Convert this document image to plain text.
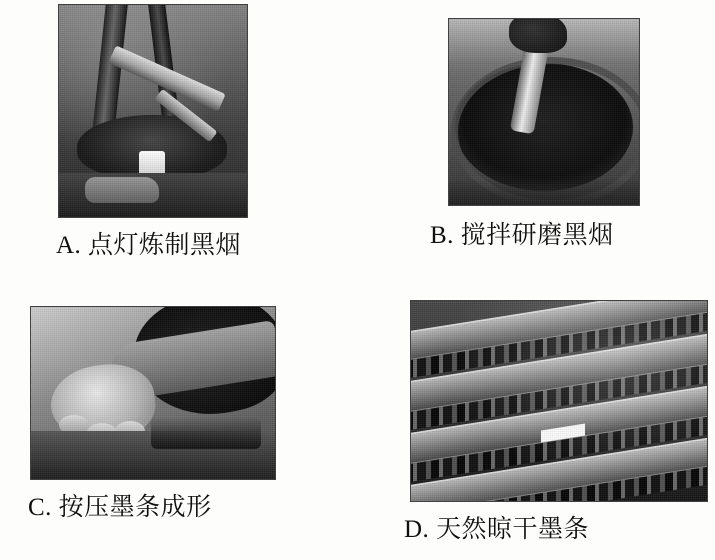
A. 点灯炼制黑烟	B. 搅拌研磨黑烟
C. 按压墨条成形
D. 天然晾干墨条
